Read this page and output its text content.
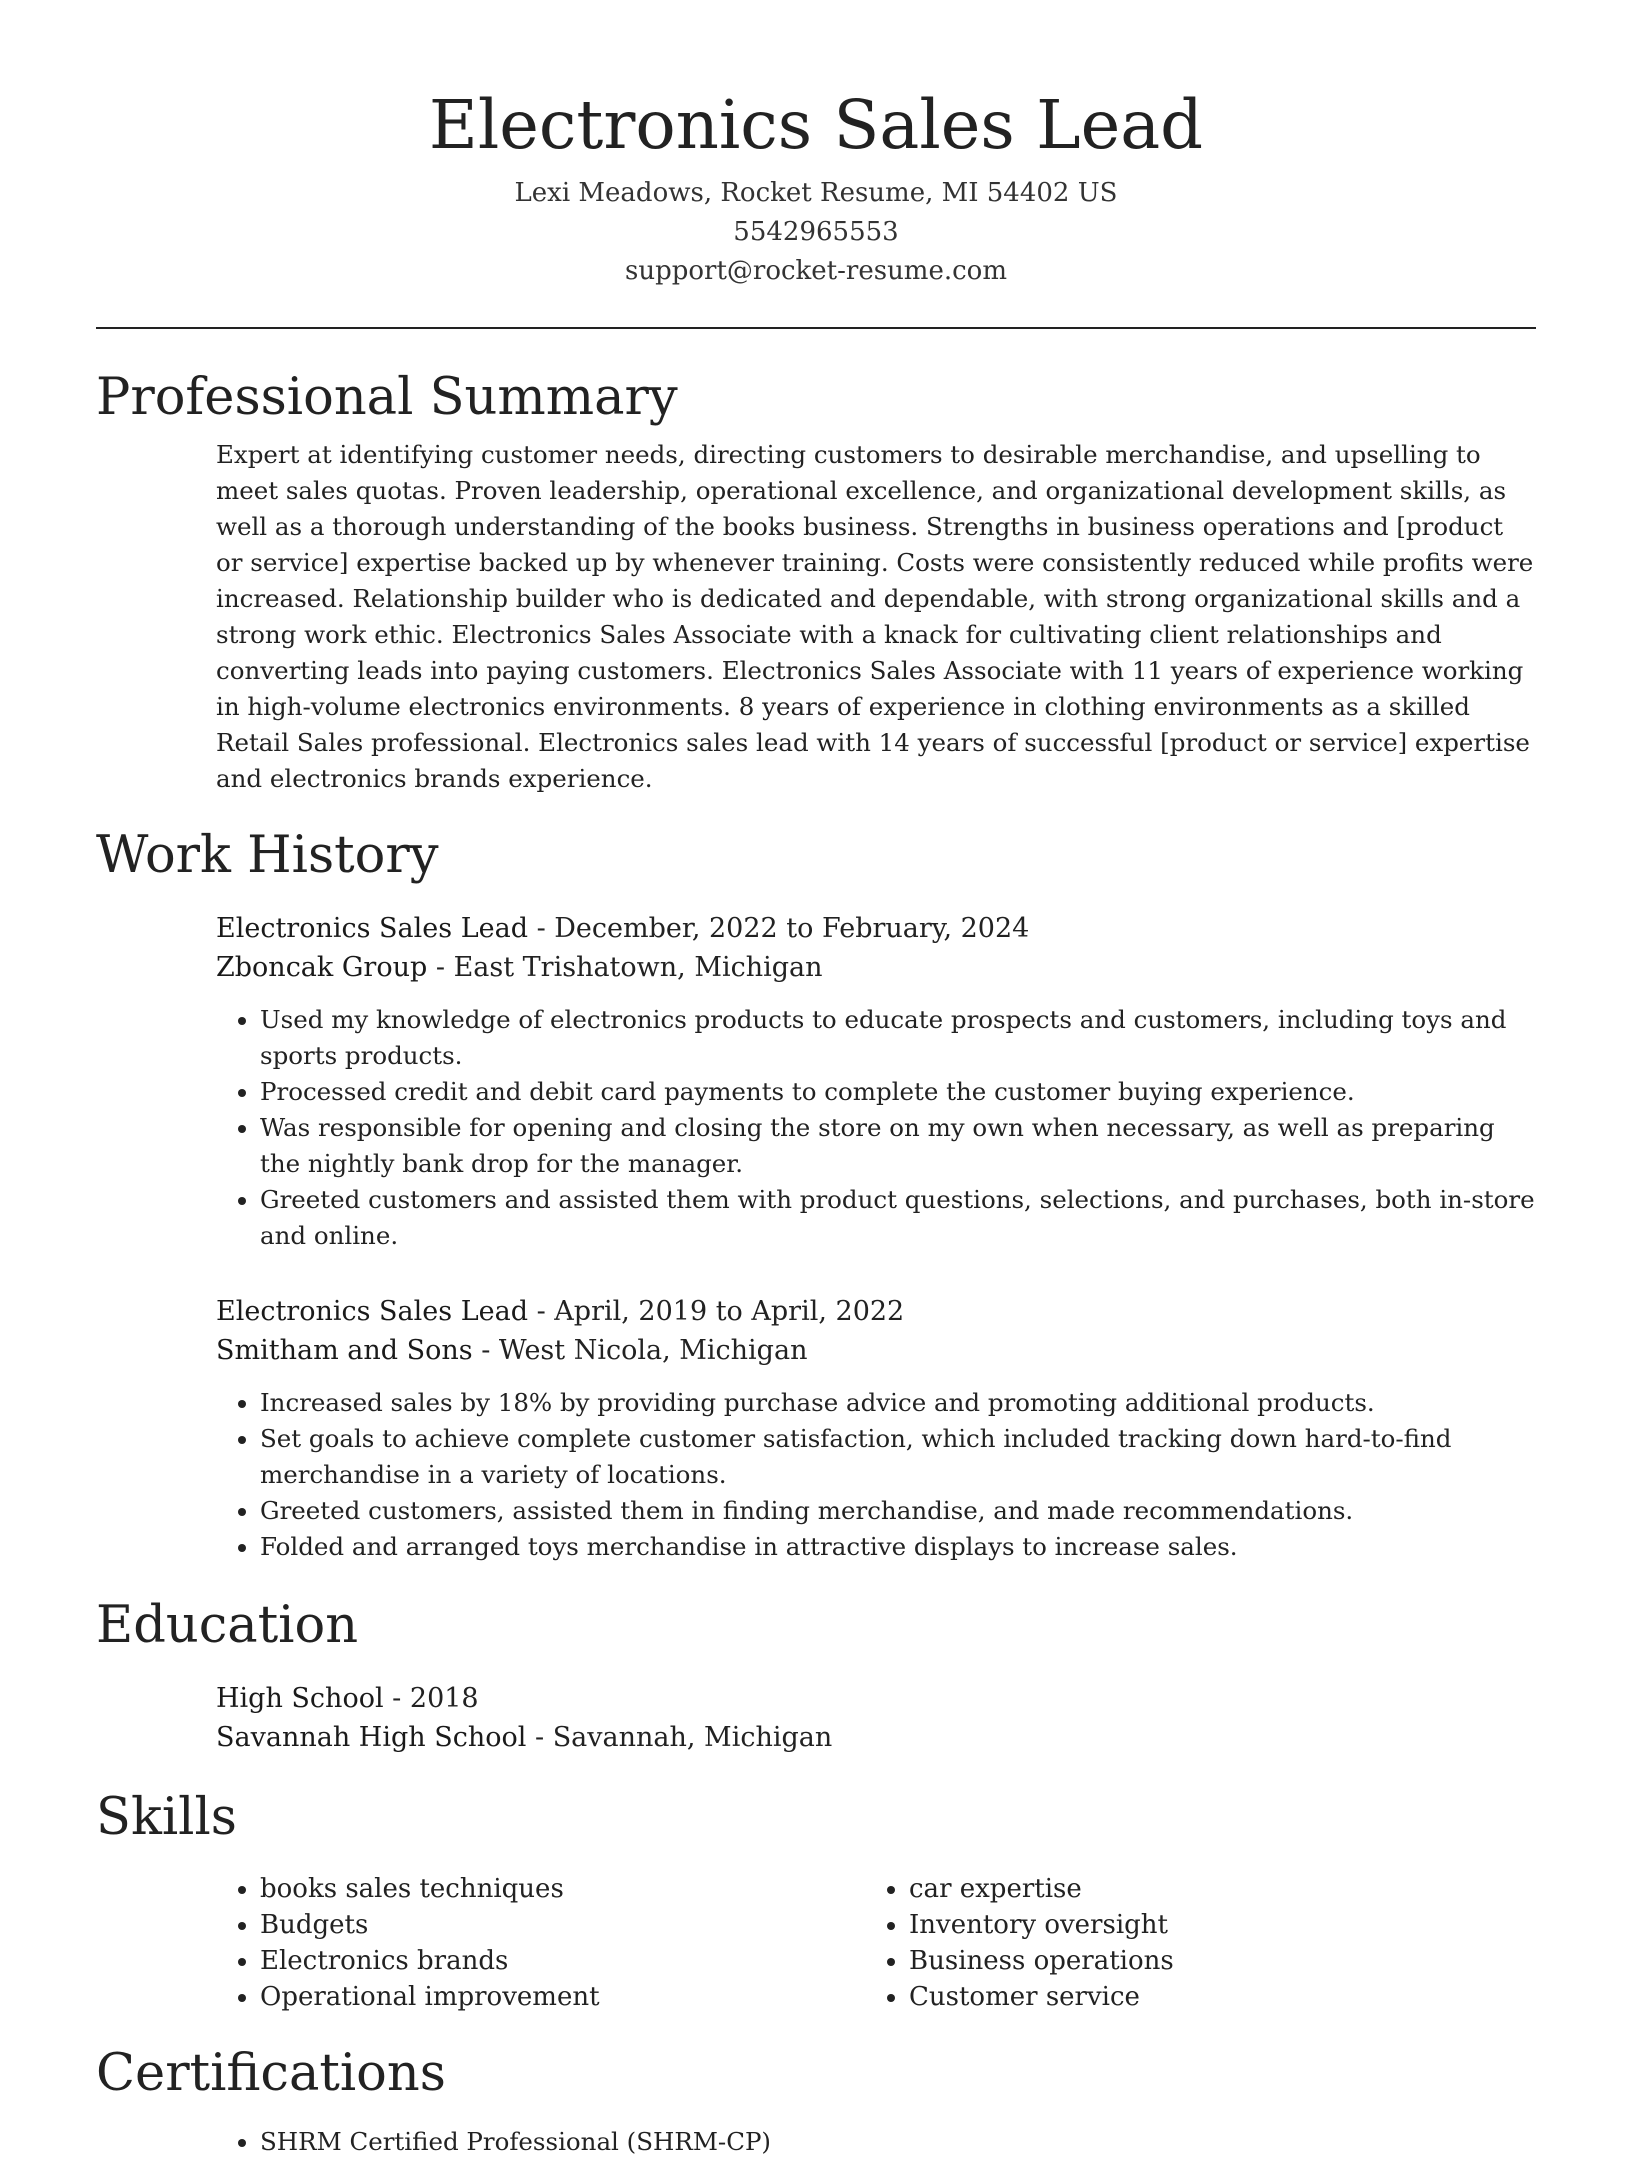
Electronics Sales Lead
Lexi Meadows, Rocket Resume, MI 54402 US
5542965553
support@rocket-resume.com
Professional Summary
Expert at identifying customer needs, directing customers to desirable merchandise, and upselling to meet sales quotas. Proven leadership, operational excellence, and organizational development skills, as well as a thorough understanding of the books business. Strengths in business operations and [product or service] expertise backed up by whenever training. Costs were consistently reduced while profits were increased. Relationship builder who is dedicated and dependable, with strong organizational skills and a strong work ethic. Electronics Sales Associate with a knack for cultivating client relationships and converting leads into paying customers. Electronics Sales Associate with 11 years of experience working in high-volume electronics environments. 8 years of experience in clothing environments as a skilled Retail Sales professional. Electronics sales lead with 14 years of successful [product or service] expertise and electronics brands experience.
Work History
Electronics Sales Lead - December, 2022 to February, 2024
Zboncak Group - East Trishatown, Michigan
• Used my knowledge of electronics products to educate prospects and customers, including toys and sports products.
• Processed credit and debit card payments to complete the customer buying experience.
• Was responsible for opening and closing the store on my own when necessary, as well as preparing the nightly bank drop for the manager.
• Greeted customers and assisted them with product questions, selections, and purchases, both in-store and online.
Electronics Sales Lead - April, 2019 to April, 2022
Smitham and Sons - West Nicola, Michigan
• Increased sales by 18% by providing purchase advice and promoting additional products.
• Set goals to achieve complete customer satisfaction, which included tracking down hard-to-find merchandise in a variety of locations.
• Greeted customers, assisted them in finding merchandise, and made recommendations.
• Folded and arranged toys merchandise in attractive displays to increase sales.
Education
High School - 2018
Savannah High School - Savannah, Michigan
Skills
• books sales techniques
• Budgets
• Electronics brands
• Operational improvement
• car expertise
• Inventory oversight
• Business operations
• Customer service
Certifications
• SHRM Certified Professional (SHRM-CP)
